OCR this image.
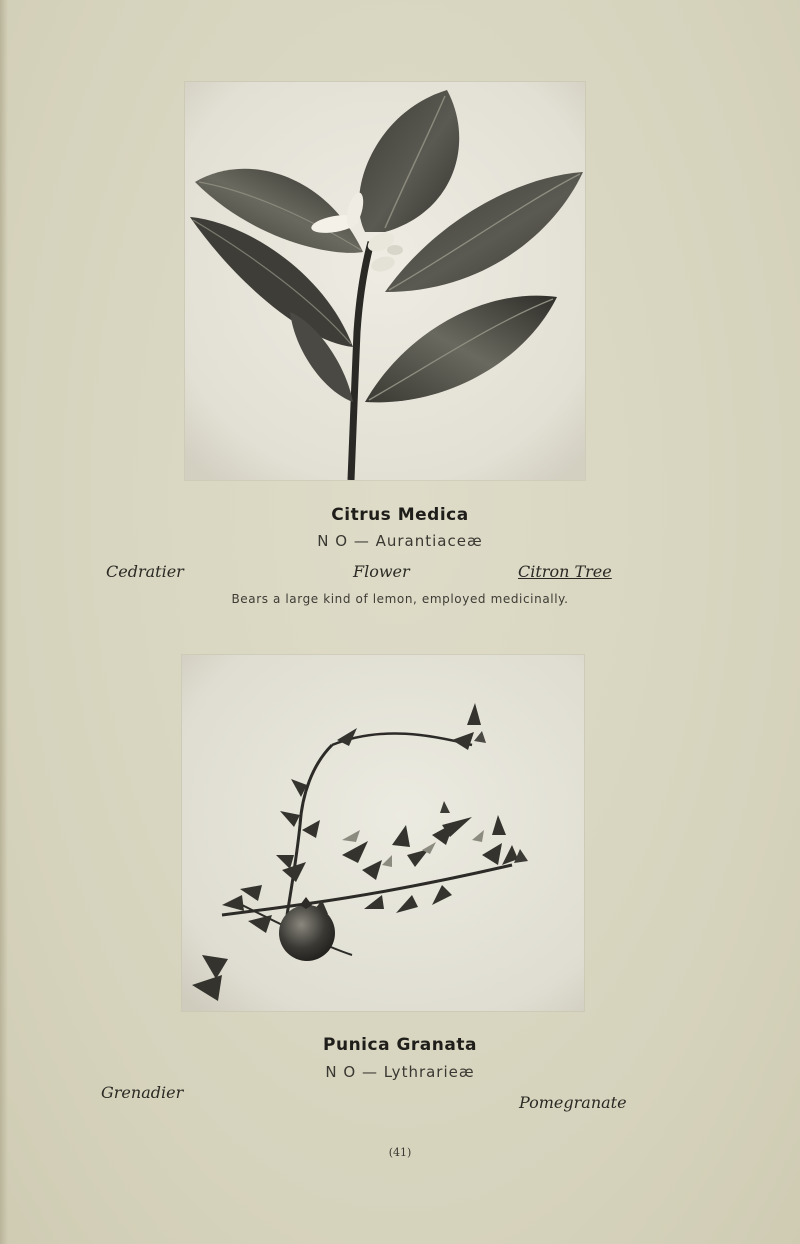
Citrus Medica
N O — Aurantiaceæ
Cedratier	Flower	Citron Tree
Bears a large kind of lemon, employed medicinally.
Punica Granata
N O — Lythrarieæ
Grenadier
Pomegranate
(41)
